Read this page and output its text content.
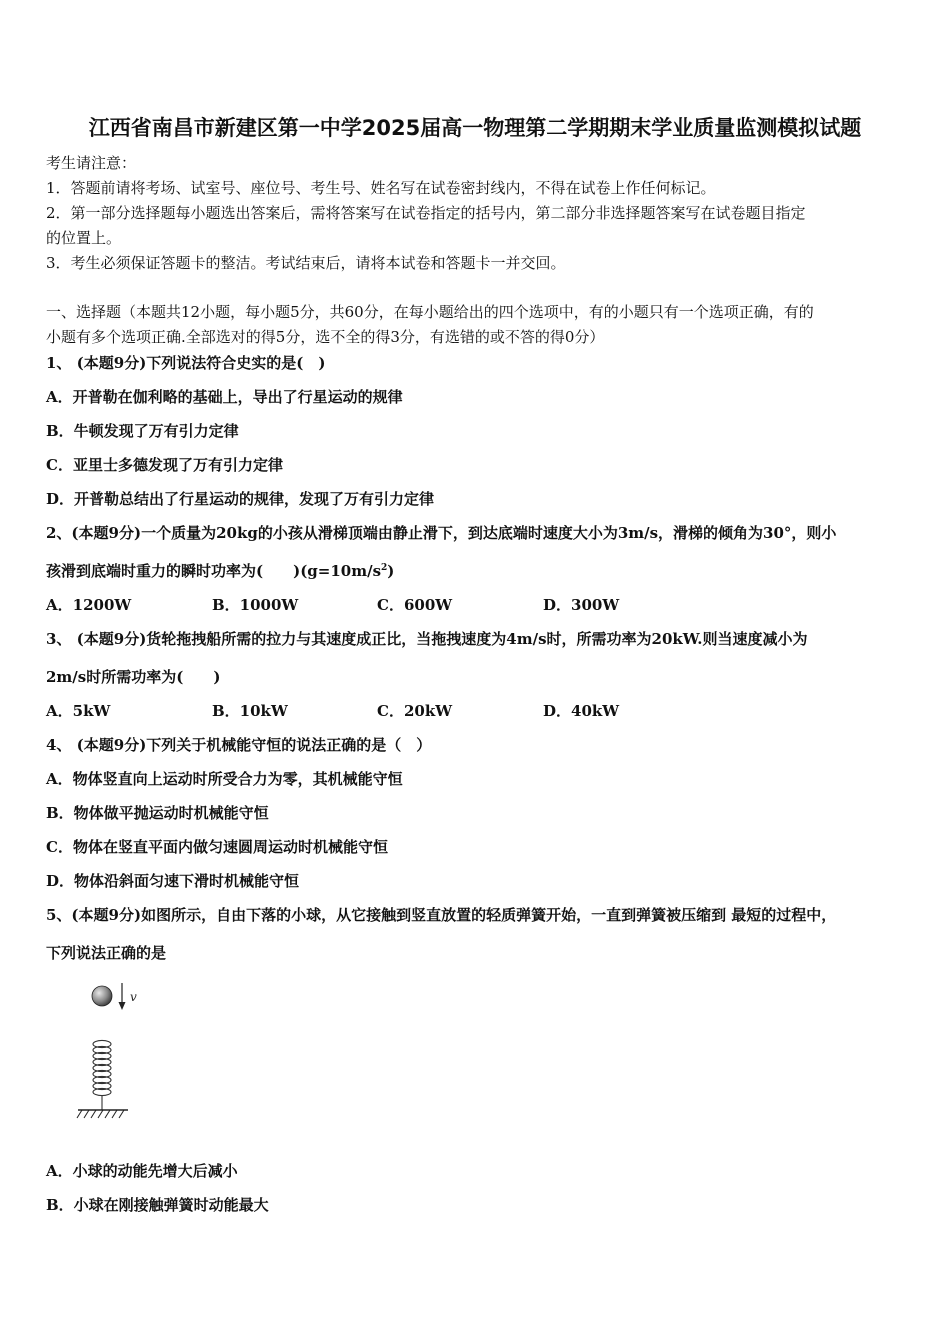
江西省南昌市新建区第一中学2025届高一物理第二学期期末学业质量监测模拟试题
考生请注意：
1．答题前请将考场、试室号、座位号、考生号、姓名写在试卷密封线内，不得在试卷上作任何标记。
2．第一部分选择题每小题选出答案后，需将答案写在试卷指定的括号内，第二部分非选择题答案写在试卷题目指定
的位置上。
3．考生必须保证答题卡的整洁。考试结束后，请将本试卷和答题卡一并交回。
一、选择题（本题共12小题，每小题5分，共60分，在每小题给出的四个选项中，有的小题只有一个选项正确，有的
小题有多个选项正确.全部选对的得5分，选不全的得3分，有选错的或不答的得0分）
1、 (本题9分)下列说法符合史实的是(　)
A．开普勒在伽利略的基础上，导出了行星运动的规律
B．牛顿发现了万有引力定律
C．亚里士多德发现了万有引力定律
D．开普勒总结出了行星运动的规律，发现了万有引力定律
2、(本题9分)一个质量为20kg的小孩从滑梯顶端由静止滑下，到达底端时速度大小为3m/s，滑梯的倾角为30°，则小
孩滑到底端时重力的瞬时功率为(　　)$(g=10m/s^2)$
A．1200W	B．1000W	C．600W	D．300W
3、 (本题9分)货轮拖拽船所需的拉力与其速度成正比，当拖拽速度为4m/s时，所需功率为20kW.则当速度减小为
2m/s时所需功率为(　　)
A．5kW	B．10kW	C．20kW	D．40kW
4、 (本题9分)下列关于机械能守恒的说法正确的是（　）
A．物体竖直向上运动时所受合力为零，其机械能守恒
B．物体做平抛运动时机械能守恒
C．物体在竖直平面内做匀速圆周运动时机械能守恒
D．物体沿斜面匀速下滑时机械能守恒
5、(本题9分)如图所示，自由下落的小球，从它接触到竖直放置的轻质弹簧开始，一直到弹簧被压缩到 最短的过程中，
下列说法正确的是
v
A．小球的动能先增大后减小
B．小球在刚接触弹簧时动能最大
